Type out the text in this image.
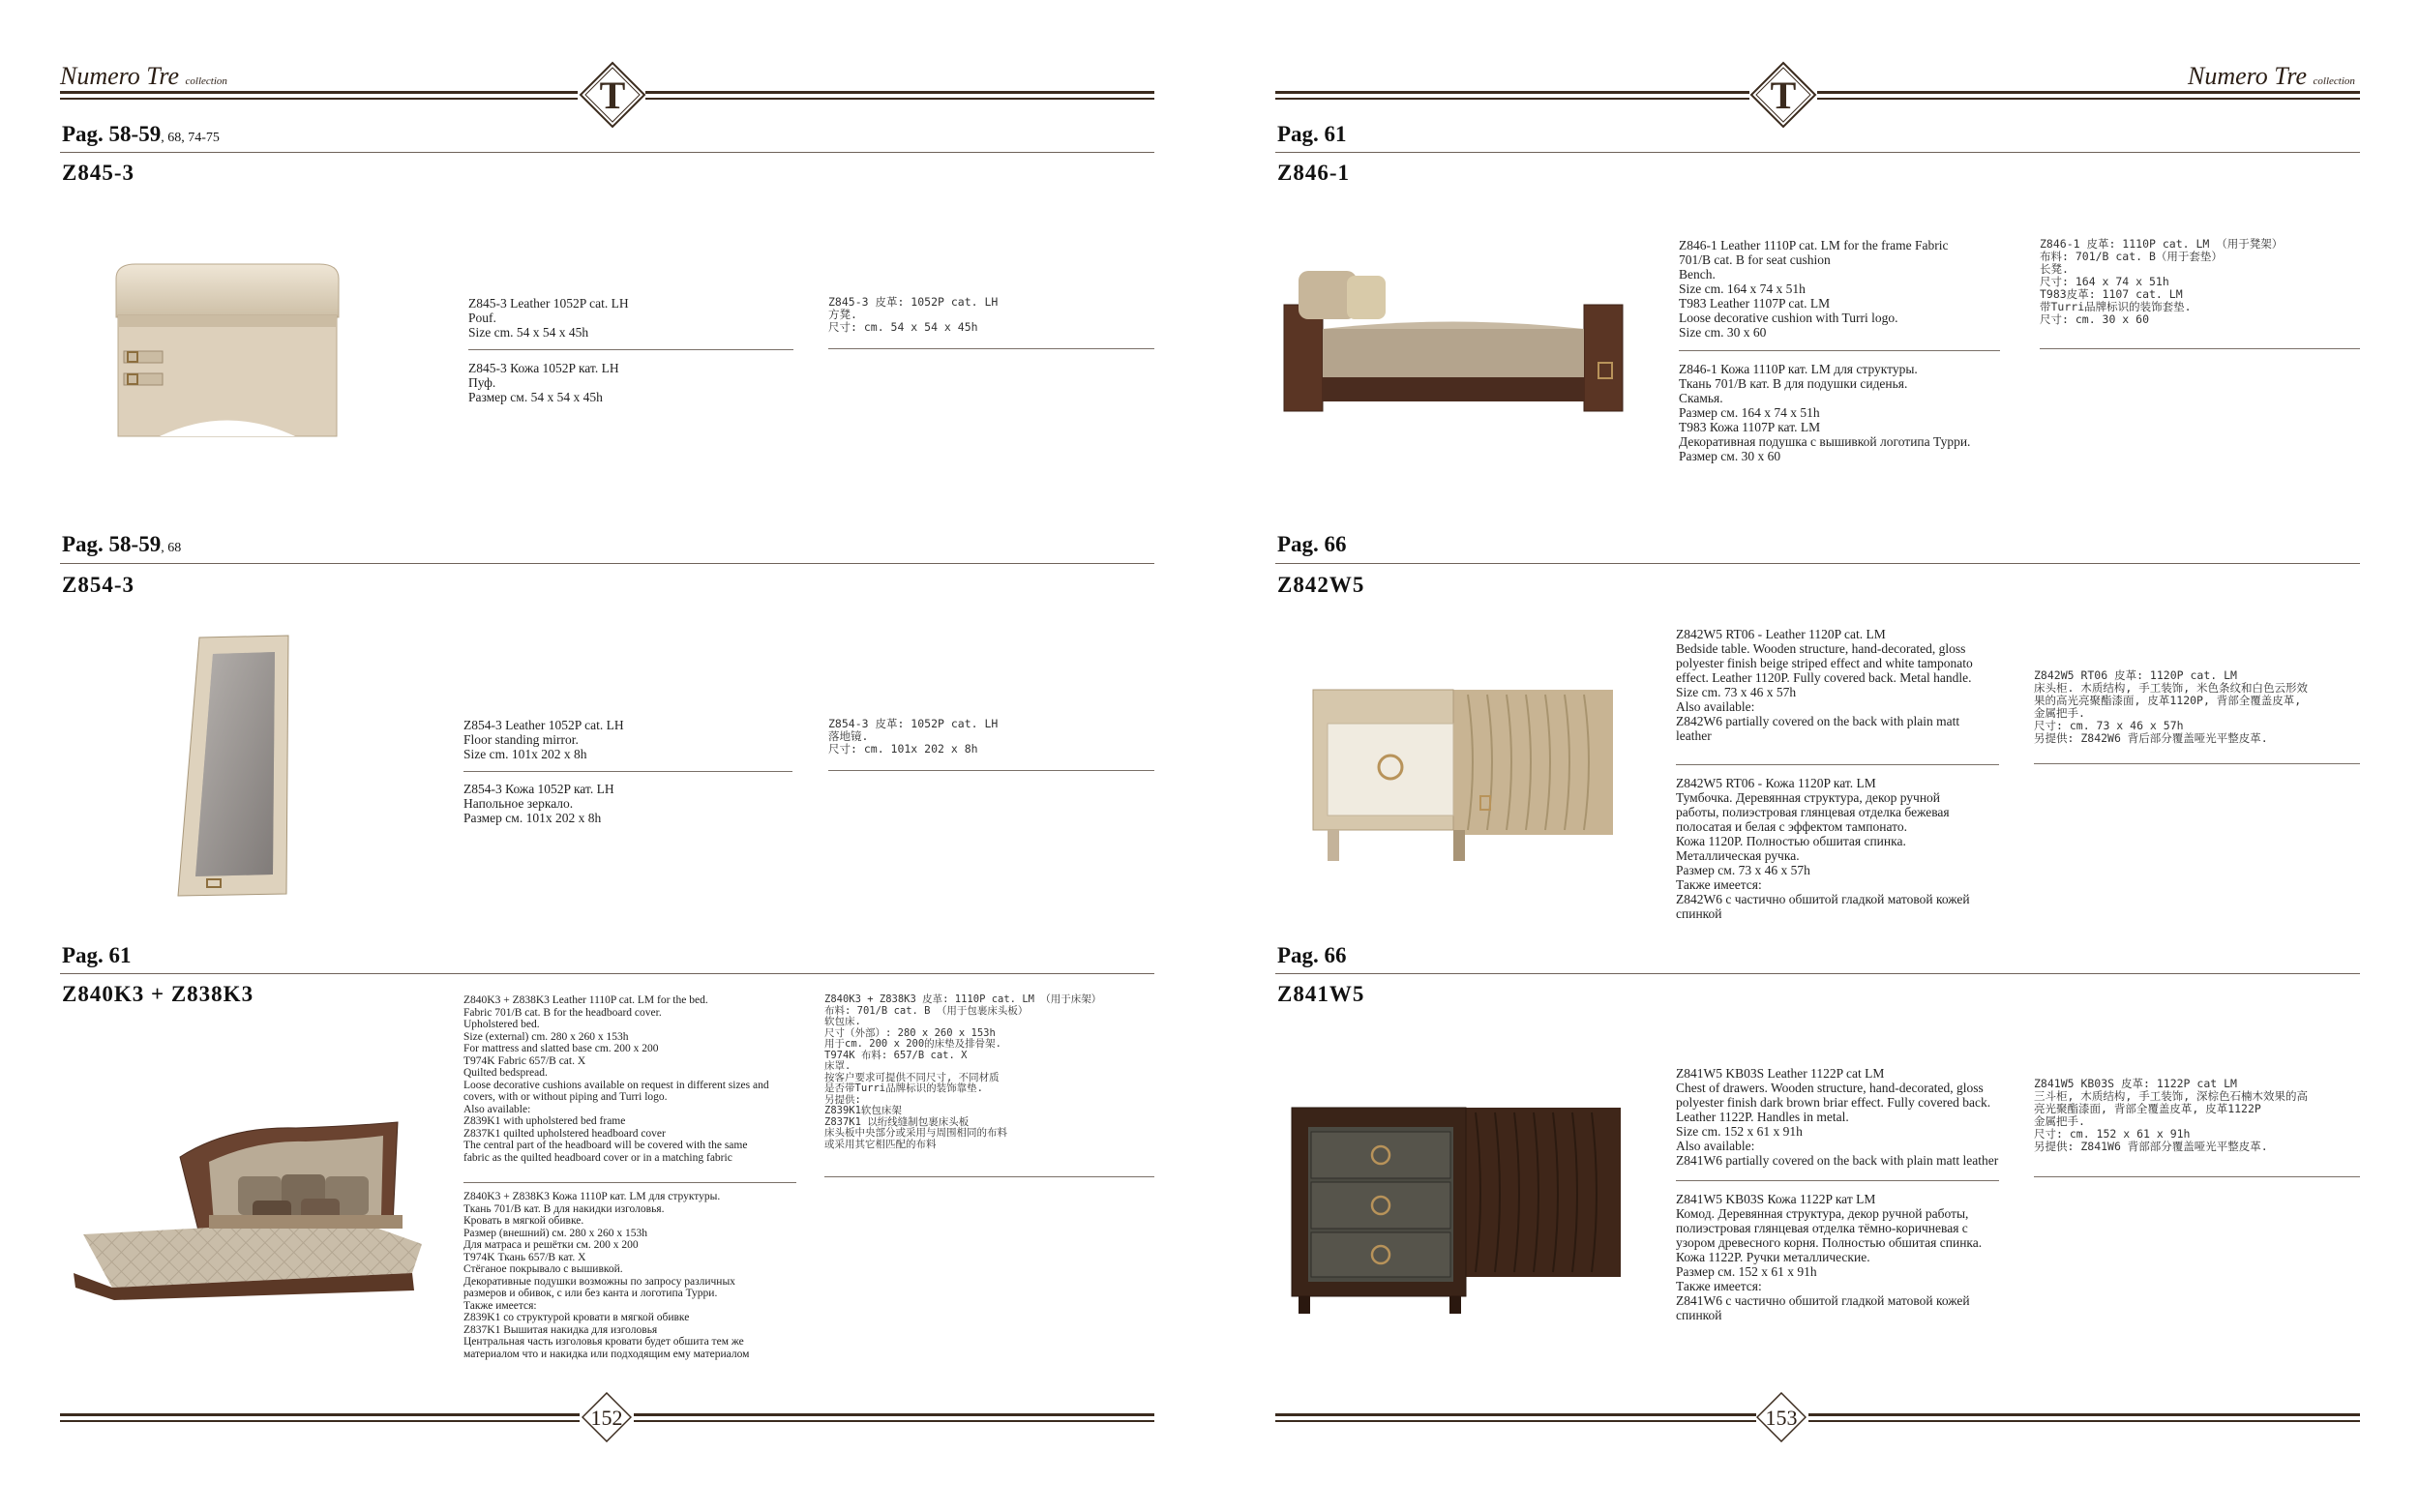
Numero Tre collection	T
Pag. 58-59, 68, 74-75
Z845-3
Z845-3 Leather 1052P cat. LH
Pouf.
Size cm. 54 x 54 x 45h
Z845-3 Кожа 1052P кат. LH
Пуф.
Размер см. 54 x 54 x 45h
Z845-3 皮革: 1052P cat. LH
方凳.
尺寸: cm. 54 x 54 x 45h
Pag. 58-59, 68
Z854-3
Z854-3 Leather 1052P cat. LH
Floor standing mirror.
Size cm. 101x 202 x 8h
Z854-3 Кожа 1052P кат. LH
Напольное зеркало.
Размер см. 101x 202 x 8h
Z854-3 皮革: 1052P cat. LH
落地镜.
尺寸: cm. 101x 202 x 8h
Pag. 61
Z840K3 + Z838K3	Z840K3 + Z838K3 Leather 1110P cat. LM for the bed.
Fabric 701/B cat. B for the headboard cover.
Upholstered bed.
Size (external) cm. 280 x 260 x 153h
For mattress and slatted base cm. 200 x 200
T974K Fabric 657/B cat. X
Quilted bedspread.
Loose decorative cushions available on request in different sizes and
covers, with or without piping and Turri logo.
Also available:
Z839K1 with upholstered bed frame
Z837K1 quilted upholstered headboard cover
The central part of the headboard will be covered with the same
fabric as the quilted headboard cover or in a matching fabric
Z840K3 + Z838K3 Кожа 1110P кат. LM для структуры.
Ткань 701/B кат. B для накидки изголовья.
Кровать в мягкой обивке.
Размер (внешний) см. 280 x 260 x 153h
Для матраса и решётки см. 200 x 200
T974K Ткань 657/B кат. X
Стёганое покрывало с вышивкой.
Декоративные подушки возможны по запросу различных
размеров и обивок, с или без канта и логотипа Турри.
Также имеется:
Z839K1 со структурой кровати в мягкой обивке
Z837K1 Вышитая накидка для изголовья
Центральная часть изголовья кровати будет обшита тем же
материалом что и накидка или подходящим ему материалом
Z840K3 + Z838K3 皮革: 1110P cat. LM （用于床架）
布料: 701/B cat. B （用于包裹床头板）
软包床.
尺寸（外部）: 280 x 260 x 153h
用于cm. 200 x 200的床垫及排骨架.
T974K 布料: 657/B cat. X
床罩.
按客户要求可提供不同尺寸, 不同材质
是否带Turri品牌标识的装饰靠垫.
另提供:
Z839K1软包床架
Z837K1 以绗线缝制包裹床头板
床头板中央部分或采用与周围相同的布料
或采用其它相匹配的布料
152
T	Numero Tre collection
Pag. 61
Z846-1
Z846-1 Leather 1110P cat. LM for the frame Fabric
701/B cat. B for seat cushion
Bench.
Size cm. 164 x 74 x 51h
T983 Leather 1107P cat. LM
Loose decorative cushion with Turri logo.
Size cm. 30 x 60
Z846-1 Кожа 1110P кат. LM для структуры.
Ткань 701/B кат. B для подушки сиденья.
Скамья.
Размер см. 164 x 74 x 51h
T983 Кожа 1107P кат. LM
Декоративная подушка с вышивкой логотипа Турри.
Размер см. 30 x 60
Z846-1 皮革: 1110P cat. LM （用于凳架）
布料: 701/B cat. B（用于套垫）
长凳.
尺寸: 164 x 74 x 51h
T983皮革: 1107 cat. LM
带Turri品牌标识的装饰套垫.
尺寸: cm. 30 x 60
Pag. 66
Z842W5
Z842W5 RT06 - Leather 1120P cat. LM
Bedside table. Wooden structure, hand-decorated, gloss
polyester finish beige striped effect and white tamponato
effect. Leather 1120P. Fully covered back. Metal handle.
Size cm. 73 x 46 x 57h
Also available:
Z842W6 partially covered on the back with plain matt
leather
Z842W5 RT06 - Кожа 1120P кат. LM
Тумбочка. Деревянная структура, декор ручной
работы, полиэстровая глянцевая отделка бежевая
полосатая и белая с эффектом тампонато.
Кожа 1120P. Полностью обшитая спинка.
Металлическая ручка.
Размер см. 73 x 46 x 57h
Также имеется:
Z842W6 с частично обшитой гладкой матовой кожей
спинкой
Z842W5 RT06 皮革: 1120P cat. LM
床头柜. 木质结构, 手工装饰, 米色条纹和白色云形效
果的高光亮聚酯漆面, 皮革1120P, 背部全覆盖皮革,
金属把手.
尺寸: cm. 73 x 46 x 57h
另提供: Z842W6 背后部分覆盖哑光平整皮革.
Pag. 66
Z841W5
Z841W5 KB03S Leather 1122P cat LM
Chest of drawers. Wooden structure, hand-decorated, gloss
polyester finish dark brown briar effect. Fully covered back.
Leather 1122P. Handles in metal.
Size cm. 152 x 61 x 91h
Also available:
Z841W6 partially covered on the back with plain matt leather
Z841W5 KB03S Кожа 1122P кат LM
Комод. Деревянная структура, декор ручной работы,
полиэстровая глянцевая отделка тёмно-коричневая с
узором древесного корня. Полностью обшитая спинка.
Кожа 1122P. Ручки металлические.
Размер см. 152 x 61 x 91h
Также имеется:
Z841W6 с частично обшитой гладкой матовой кожей
спинкой
Z841W5 KB03S 皮革: 1122P cat LM
三斗柜, 木质结构, 手工装饰, 深棕色石楠木效果的高
亮光聚酯漆面, 背部全覆盖皮革, 皮革1122P
金属把手.
尺寸: cm. 152 x 61 x 91h
另提供: Z841W6 背部部分覆盖哑光平整皮革.
153
